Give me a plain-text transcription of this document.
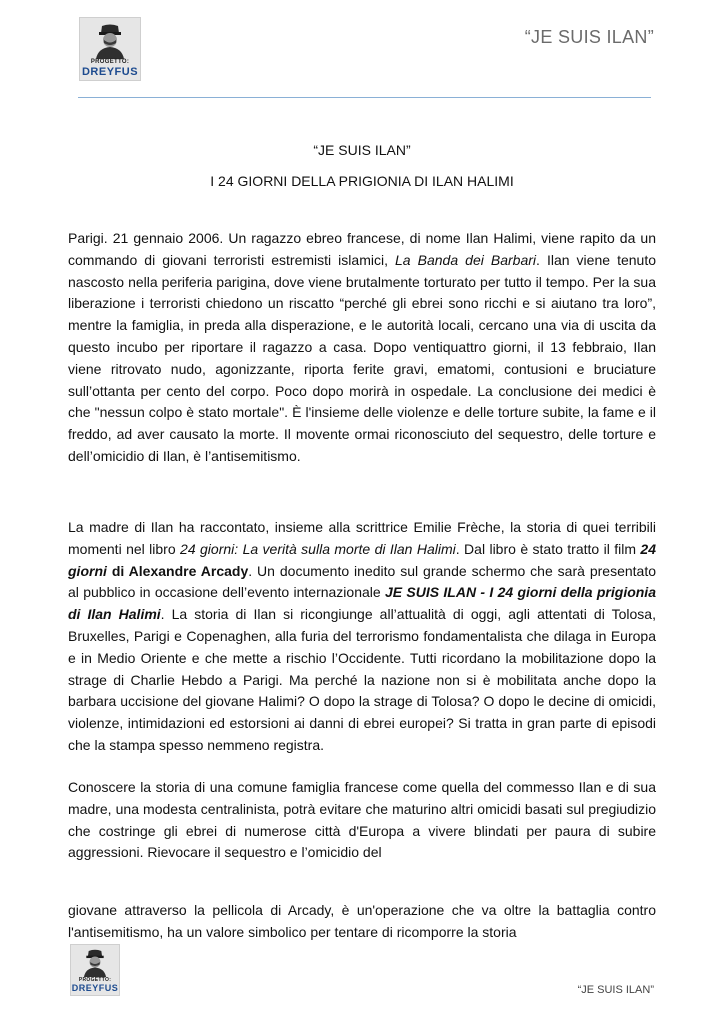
PROGETTO:
DREYFUS
“JE SUIS ILAN”
“JE SUIS ILAN”
I 24 GIORNI DELLA PRIGIONIA DI ILAN HALIMI

Parigi. 21 gennaio 2006. Un ragazzo ebreo francese, di nome Ilan Halimi, viene rapito da un commando di giovani terroristi estremisti islamici, La Banda dei Barbari. Ilan viene tenuto nascosto nella periferia parigina, dove viene brutalmente torturato per tutto il tempo. Per la sua liberazione i terroristi chiedono un riscatto “perché gli ebrei sono ricchi e si aiutano tra loro”, mentre la famiglia, in preda alla disperazione, e le autorità locali, cercano una via di uscita da questo incubo per riportare il ragazzo a casa. Dopo ventiquattro giorni, il 13 febbraio, Ilan viene ritrovato nudo, agonizzante, riporta ferite gravi, ematomi, contusioni e bruciature sull’ottanta per cento del corpo. Poco dopo morirà in ospedale. La conclusione dei medici è che "nessun colpo è stato mortale". È l'insieme delle violenze e delle torture subite, la fame e il freddo, ad aver causato la morte. Il movente ormai riconosciuto del sequestro, delle torture e dell’omicidio di Ilan, è l’antisemitismo.

La madre di Ilan ha raccontato, insieme alla scrittrice Emilie Frèche, la storia di quei terribili momenti nel libro 24 giorni: La verità sulla morte di Ilan Halimi. Dal libro è stato tratto il film 24 giorni di Alexandre Arcady. Un documento inedito sul grande schermo che sarà presentato al pubblico in occasione dell’evento internazionale JE SUIS ILAN - I 24 giorni della prigionia di Ilan Halimi. La storia di Ilan si ricongiunge all’attualità di oggi, agli attentati di Tolosa, Bruxelles, Parigi e Copenaghen, alla furia del terrorismo fondamentalista che dilaga in Europa e in Medio Oriente e che mette a rischio l’Occidente. Tutti ricordano la mobilitazione dopo la strage di Charlie Hebdo a Parigi. Ma perché la nazione non si è mobilitata anche dopo la barbara uccisione del giovane Halimi? O dopo la strage di Tolosa? O dopo le decine di omicidi, violenze, intimidazioni ed estorsioni ai danni di ebrei europei? Si tratta in gran parte di episodi che la stampa spesso nemmeno registra.

Conoscere la storia di una comune famiglia francese come quella del commesso Ilan e di sua madre, una modesta centralinista, potrà evitare che maturino altri omicidi basati sul pregiudizio che costringe gli ebrei di numerose città d'Europa a vivere blindati per paura di subire aggressioni. Rievocare il sequestro e l’omicidio del

giovane attraverso la pellicola di Arcady, è un'operazione che va oltre la battaglia contro l'antisemitismo, ha un valore simbolico per tentare di ricomporre la storia

PROGETTO:
DREYFUS	“JE SUIS ILAN”
